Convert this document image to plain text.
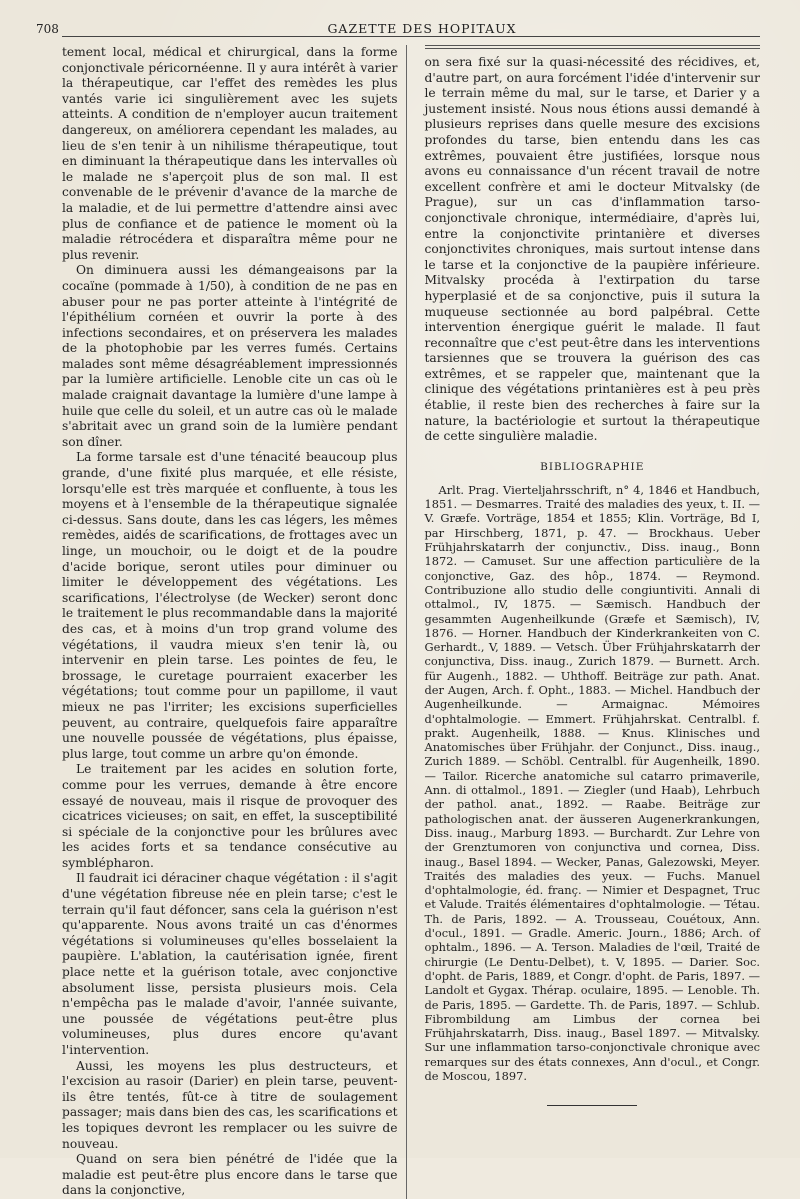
708	GAZETTE DES HOPITAUX

tement local, médical et chirurgical, dans la forme conjonctivale péricornéenne. Il y aura intérêt à varier la thérapeutique, car l'effet des remèdes les plus vantés varie ici singulièrement avec les sujets atteints. A condition de n'employer aucun traitement dangereux, on améliorera cependant les malades, au lieu de s'en tenir à un nihilisme thérapeutique, tout en diminuant la thérapeutique dans les intervalles où le malade ne s'aperçoit plus de son mal. Il est convenable de le prévenir d'avance de la marche de la maladie, et de lui permettre d'attendre ainsi avec plus de confiance et de patience le moment où la maladie rétrocédera et disparaîtra même pour ne plus revenir.

On diminuera aussi les démangeaisons par la cocaïne (pommade à 1/50), à condition de ne pas en abuser pour ne pas porter atteinte à l'intégrité de l'épithélium cornéen et ouvrir la porte à des infections secondaires, et on préservera les malades de la photophobie par les verres fumés. Certains malades sont même désagréablement impressionnés par la lumière artificielle. Lenoble cite un cas où le malade craignait davantage la lumière d'une lampe à huile que celle du soleil, et un autre cas où le malade s'abritait avec un grand soin de la lumière pendant son dîner.

La forme tarsale est d'une ténacité beaucoup plus grande, d'une fixité plus marquée, et elle résiste, lorsqu'elle est très marquée et confluente, à tous les moyens et à l'ensemble de la thérapeutique signalée ci-dessus. Sans doute, dans les cas légers, les mêmes remèdes, aidés de scarifications, de frottages avec un linge, un mouchoir, ou le doigt et de la poudre d'acide borique, seront utiles pour diminuer ou limiter le développement des végétations. Les scarifications, l'électrolyse (de Wecker) seront donc le traitement le plus recommandable dans la majorité des cas, et à moins d'un trop grand volume des végétations, il vaudra mieux s'en tenir là, ou intervenir en plein tarse. Les pointes de feu, le brossage, le curetage pourraient exacerber les végétations; tout comme pour un papillome, il vaut mieux ne pas l'irriter; les excisions superficielles peuvent, au contraire, quelquefois faire apparaître une nouvelle poussée de végétations, plus épaisse, plus large, tout comme un arbre qu'on émonde.

Le traitement par les acides en solution forte, comme pour les verrues, demande à être encore essayé de nouveau, mais il risque de provoquer des cicatrices vicieuses; on sait, en effet, la susceptibilité si spéciale de la conjonctive pour les brûlures avec les acides forts et sa tendance consécutive au symblépharon.

Il faudrait ici déraciner chaque végétation : il s'agit d'une végétation fibreuse née en plein tarse; c'est le terrain qu'il faut défoncer, sans cela la guérison n'est qu'apparente. Nous avons traité un cas d'énormes végétations si volumineuses qu'elles bosselaient la paupière. L'ablation, la cautérisation ignée, firent place nette et la guérison totale, avec conjonctive absolument lisse, persista plusieurs mois. Cela n'empêcha pas le malade d'avoir, l'année suivante, une poussée de végétations peut-être plus volumineuses, plus dures encore qu'avant l'intervention.

Aussi, les moyens les plus destructeurs, et l'excision au rasoir (Darier) en plein tarse, peuvent-ils être tentés, fût-ce à titre de soulagement passager; mais dans bien des cas, les scarifications et les topiques devront les remplacer ou les suivre de nouveau.

Quand on sera bien pénétré de l'idée que la maladie est peut-être plus encore dans le tarse que dans la conjonctive,

on sera fixé sur la quasi-nécessité des récidives, et, d'autre part, on aura forcément l'idée d'intervenir sur le terrain même du mal, sur le tarse, et Darier y a justement insisté. Nous nous étions aussi demandé à plusieurs reprises dans quelle mesure des excisions profondes du tarse, bien entendu dans les cas extrêmes, pouvaient être justifiées, lorsque nous avons eu connaissance d'un récent travail de notre excellent confrère et ami le docteur Mitvalsky (de Prague), sur un cas d'inflammation tarso-conjonctivale chronique, intermédiaire, d'après lui, entre la conjonctivite printanière et diverses conjonctivites chroniques, mais surtout intense dans le tarse et la conjonctive de la paupière inférieure. Mitvalsky procéda à l'extirpation du tarse hyperplasié et de sa conjonctive, puis il sutura la muqueuse sectionnée au bord palpébral. Cette intervention énergique guérit le malade. Il faut reconnaître que c'est peut-être dans les interventions tarsiennes que se trouvera la guérison des cas extrêmes, et se rappeler que, maintenant que la clinique des végétations printanières est à peu près établie, il reste bien des recherches à faire sur la nature, la bactériologie et surtout la thérapeutique de cette singulière maladie.

BIBLIOGRAPHIE

Arlt. Prag. Vierteljahrsschrift, n° 4, 1846 et Handbuch, 1851. — Desmarres. Traité des maladies des yeux, t. II. — V. Græfe. Vorträge, 1854 et 1855; Klin. Vorträge, Bd I, par Hirschberg, 1871, p. 47. — Brockhaus. Ueber Frühjahrskatarrh der conjunctiv., Diss. inaug., Bonn 1872. — Camuset. Sur une affection particulière de la conjonctive, Gaz. des hôp., 1874. — Reymond. Contribuzione allo studio delle congiuntiviti. Annali di ottalmol., IV, 1875. — Sæmisch. Handbuch der gesammten Augenheilkunde (Græfe et Sæmisch), IV, 1876. — Horner. Handbuch der Kinderkrankeiten von C. Gerhardt., V, 1889. — Vetsch. Über Frühjahrskatarrh der conjunctiva, Diss. inaug., Zurich 1879. — Burnett. Arch. für Augenh., 1882. — Uhthoff. Beiträge zur path. Anat. der Augen, Arch. f. Opht., 1883. — Michel. Handbuch der Augenheilkunde. — Armaignac. Mémoires d'ophtalmologie. — Emmert. Frühjahrskat. Centralbl. f. prakt. Augenheilk, 1888. — Knus. Klinisches und Anatomisches über Frühjahr. der Conjunct., Diss. inaug., Zurich 1889. — Schöbl. Centralbl. für Augenheilk, 1890. — Tailor. Ricerche anatomiche sul catarro primaverile, Ann. di ottalmol., 1891. — Ziegler (und Haab), Lehrbuch der pathol. anat., 1892. — Raabe. Beiträge zur pathologischen anat. der äusseren Augenerkrankungen, Diss. inaug., Marburg 1893. — Burchardt. Zur Lehre von der Grenztumoren von conjunctiva und cornea, Diss. inaug., Basel 1894. — Wecker, Panas, Galezowski, Meyer. Traités des maladies des yeux. — Fuchs. Manuel d'ophtalmologie, éd. franç. — Nimier et Despagnet, Truc et Valude. Traités élémentaires d'ophtalmologie. — Tétau. Th. de Paris, 1892. — A. Trousseau, Couétoux, Ann. d'ocul., 1891. — Gradle. Americ. Journ., 1886; Arch. of ophtalm., 1896. — A. Terson. Maladies de l'œil, Traité de chirurgie (Le Dentu-Delbet), t. V, 1895. — Darier. Soc. d'opht. de Paris, 1889, et Congr. d'opht. de Paris, 1897. — Landolt et Gygax. Thérap. oculaire, 1895. — Lenoble. Th. de Paris, 1895. — Gardette. Th. de Paris, 1897. — Schlub. Fibrombildung am Limbus der cornea bei Frühjahrskatarrh, Diss. inaug., Basel 1897. — Mitvalsky. Sur une inflammation tarso-conjonctivale chronique avec remarques sur des états connexes, Ann d'ocul., et Congr. de Moscou, 1897.
